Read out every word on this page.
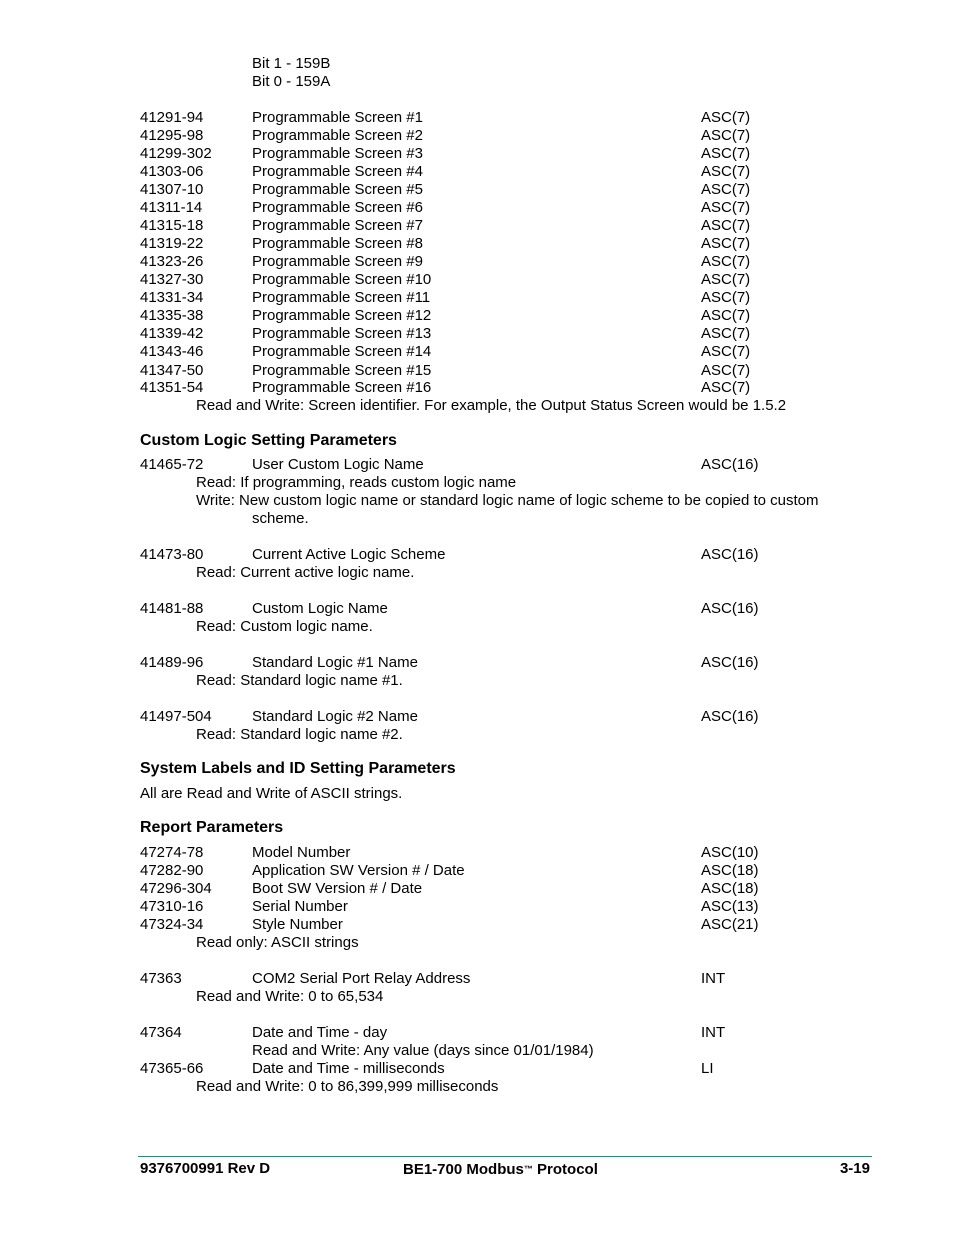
Bit 1 - 159B
Bit 0 - 159A
41291-94	Programmable Screen #1	ASC(7)
41295-98	Programmable Screen #2	ASC(7)
41299-302	Programmable Screen #3	ASC(7)
41303-06	Programmable Screen #4	ASC(7)
41307-10	Programmable Screen #5	ASC(7)
41311-14	Programmable Screen #6	ASC(7)
41315-18	Programmable Screen #7	ASC(7)
41319-22	Programmable Screen #8	ASC(7)
41323-26	Programmable Screen #9	ASC(7)
41327-30	Programmable Screen #10	ASC(7)
41331-34	Programmable Screen #11	ASC(7)
41335-38	Programmable Screen #12	ASC(7)
41339-42	Programmable Screen #13	ASC(7)
41343-46	Programmable Screen #14	ASC(7)
41347-50	Programmable Screen #15	ASC(7)
41351-54	Programmable Screen #16	ASC(7)
Read and Write: Screen identifier. For example, the Output Status Screen would be 1.5.2
Custom Logic Setting Parameters
41465-72	User Custom Logic Name	ASC(16)
Read: If programming, reads custom logic name
Write: New custom logic name or standard logic name of logic scheme to be copied to custom
scheme.
41473-80	Current Active Logic Scheme	ASC(16)
Read: Current active logic name.
41481-88	Custom Logic Name	ASC(16)
Read: Custom logic name.
41489-96	Standard Logic #1 Name	ASC(16)
Read: Standard logic name #1.
41497-504	Standard Logic #2 Name	ASC(16)
Read: Standard logic name #2.
System Labels and ID Setting Parameters
All are Read and Write of ASCII strings.
Report Parameters
47274-78	Model Number	ASC(10)
47282-90	Application SW Version # / Date	ASC(18)
47296-304	Boot SW Version # / Date	ASC(18)
47310-16	Serial Number	ASC(13)
47324-34	Style Number	ASC(21)
Read only: ASCII strings
47363	COM2 Serial Port Relay Address	INT
Read and Write: 0 to 65,534
47364	Date and Time - day	INT
Read and Write: Any value (days since 01/01/1984)
47365-66	Date and Time - milliseconds	LI
Read and Write: 0 to 86,399,999 milliseconds
9376700991 Rev D	BE1-700 Modbus™ Protocol	3-19
